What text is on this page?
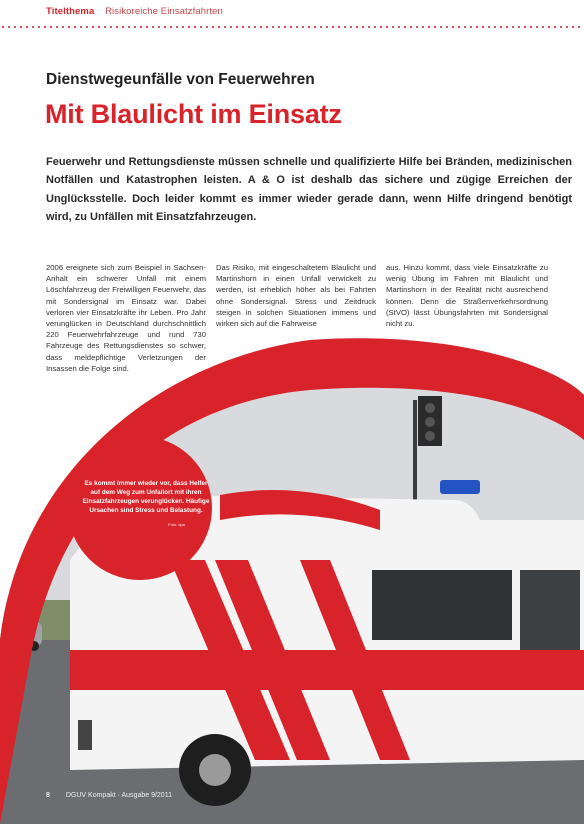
Titelthema Risikoreiche Einsatzfahrten
Dienstwegeunfälle von Feuerwehren
Mit Blaulicht im Einsatz
Feuerwehr und Rettungsdienste müssen schnelle und qualifizierte Hilfe bei Bränden, medizinischen Notfällen und Katastrophen leisten. A & O ist deshalb das sichere und zügige Erreichen der Unglücksstelle. Doch leider kommt es immer wieder gerade dann, wenn Hilfe dringend benötigt wird, zu Unfällen mit Einsatzfahrzeugen.
2006 ereignete sich zum Beispiel in Sachsen-Anhalt ein schwerer Unfall mit einem Löschfahrzeug der Freiwilligen Feuerwehr, das mit Sondersignal im Einsatz war. Dabei verloren vier Einsatzkräfte ihr Leben. Pro Jahr verunglücken in Deutschland durchschnittlich 220 Feuerwehrfahrzeuge und rund 730 Fahrzeuge des Rettungsdienstes so schwer, dass meldepflichtige Verletzungen der Insassen die Folge sind.
Das Risiko, mit eingeschaltetem Blaulicht und Martinshorn in einen Unfall verwickelt zu werden, ist erheblich höher als bei Fahrten ohne Sondersignal. Stress und Zeitdruck steigen in solchen Situationen immens und wirken sich auf die Fahrweise
aus. Hinzu kommt, dass viele Einsatzkräfte zu wenig Übung im Fahren mit Blaulicht und Martinshorn in der Realität nicht ausreichend können. Denn die Straßenverkehrsordnung (StVO) lässt Übungsfahrten mit Sondersignal nicht zu.
Es kommt immer wieder vor, dass Helfer auf dem Weg zum Unfallort mit ihren Einsatzfahrzeugen verunglücken. Häufige Ursachen sind Stress und Belastung.
Foto: dpa
8 DGUV Kompakt · Ausgabe 9/2011
